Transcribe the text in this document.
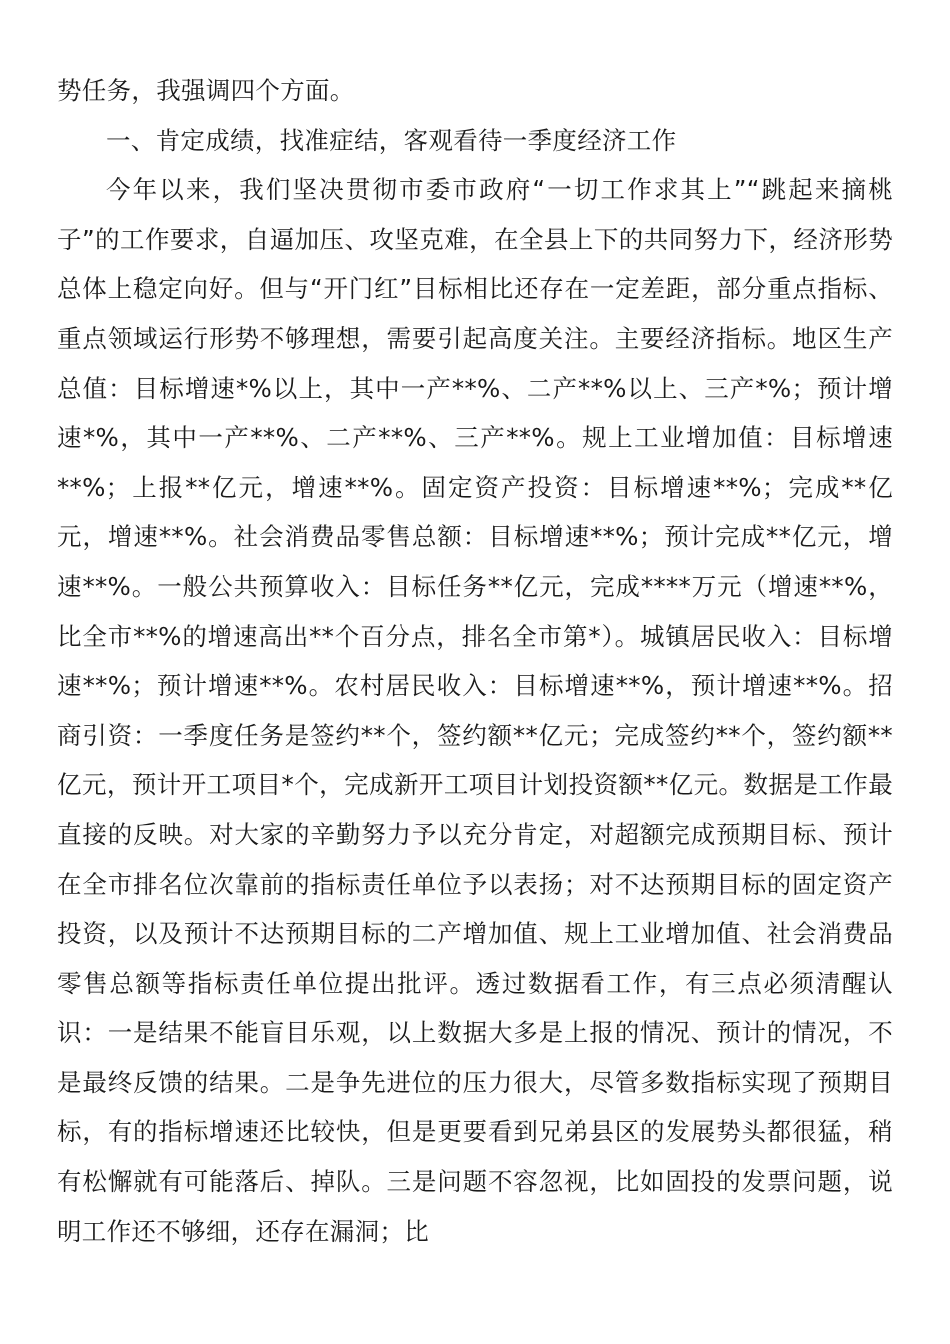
势任务，我强调四个方面。

一、肯定成绩，找准症结，客观看待一季度经济工作

今年以来，我们坚决贯彻市委市政府“一切工作求其上”“跳起来摘桃子”的工作要求，自逼加压、攻坚克难，在全县上下的共同努力下，经济形势总体上稳定向好。但与“开门红”目标相比还存在一定差距，部分重点指标、重点领域运行形势不够理想，需要引起高度关注。主要经济指标。地区生产总值：目标增速*%以上，其中一产**%、二产**%以上、三产*%；预计增速*%，其中一产**%、二产**%、三产**%。规上工业增加值：目标增速**%；上报**亿元，增速**%。固定资产投资：目标增速**%；完成**亿元，增速**%。社会消费品零售总额：目标增速**%；预计完成**亿元，增速**%。一般公共预算收入：目标任务**亿元，完成****万元（增速**%，比全市**%的增速高出**个百分点，排名全市第*）。城镇居民收入：目标增速**%；预计增速**%。农村居民收入：目标增速**%，预计增速**%。招商引资：一季度任务是签约**个，签约额**亿元；完成签约**个，签约额**亿元，预计开工项目*个，完成新开工项目计划投资额**亿元。数据是工作最直接的反映。对大家的辛勤努力予以充分肯定，对超额完成预期目标、预计在全市排名位次靠前的指标责任单位予以表扬；对不达预期目标的固定资产投资，以及预计不达预期目标的二产增加值、规上工业增加值、社会消费品零售总额等指标责任单位提出批评。透过数据看工作，有三点必须清醒认识：一是结果不能盲目乐观，以上数据大多是上报的情况、预计的情况，不是最终反馈的结果。二是争先进位的压力很大，尽管多数指标实现了预期目标，有的指标增速还比较快，但是更要看到兄弟县区的发展势头都很猛，稍有松懈就有可能落后、掉队。三是问题不容忽视，比如固投的发票问题，说明工作还不够细，还存在漏洞；比
